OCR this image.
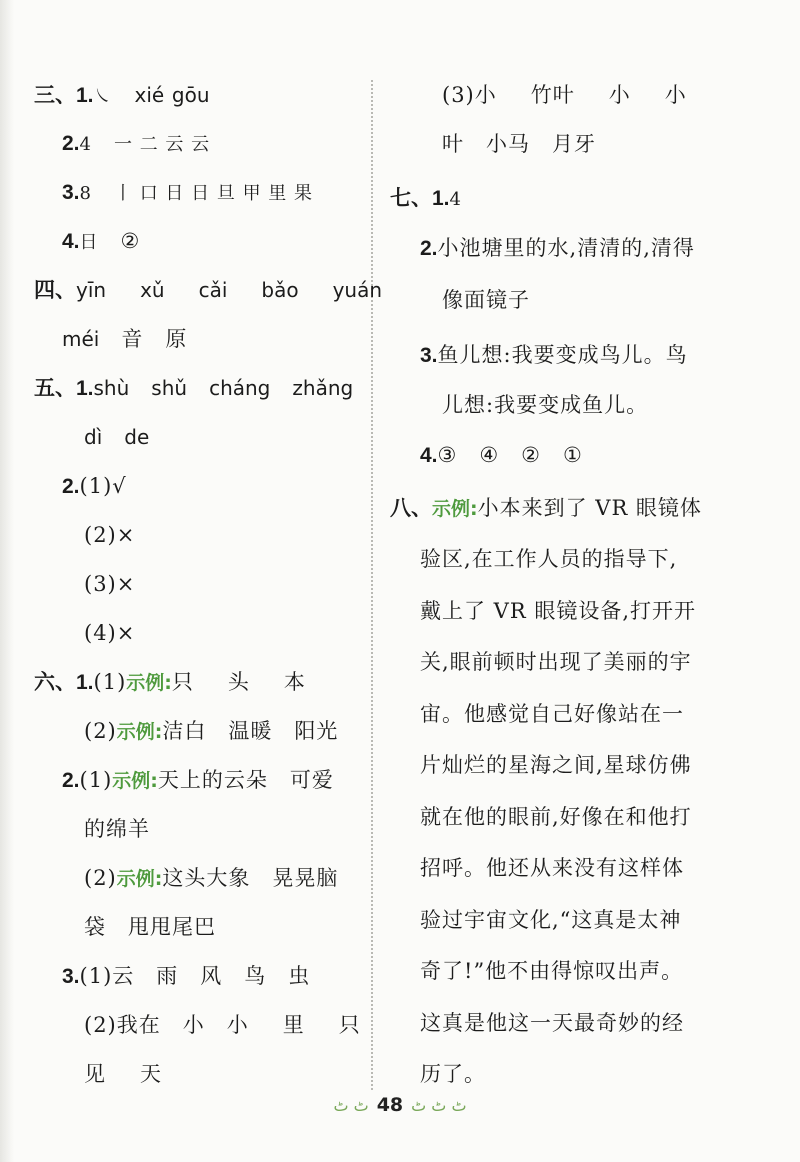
三、1.㇏ xié gōu
2.4 一 二 云 云
3.8 丨 口 日 日 旦 甲 里 果
4.日 ②
四、yīn xǔ cǎi bǎo yuán
méi 音 原
五、1.shù shǔ cháng zhǎng
dì de
2.(1)√
(2)×
(3)×
(4)×
六、1.(1)示例:只 头 本
(2)示例:洁白 温暖 阳光
2.(1)示例:天上的云朵 可爱
的绵羊
(2)示例:这头大象 晃晃脑
袋 甩甩尾巴
3.(1)云 雨 风 鸟 虫
(2)我在 小 小 里 只
见 天
(3)小 竹叶 小 小
叶 小马 月牙
七、1.4
2.小池塘里的水,清清的,清得
像面镜子
3.鱼儿想:我要变成鸟儿。鸟
儿想:我要变成鱼儿。
4.③ ④ ② ①
八、示例:小本来到了 VR 眼镜体
验区,在工作人员的指导下,
戴上了 VR 眼镜设备,打开开
关,眼前顿时出现了美丽的宇
宙。他感觉自己好像站在一
片灿烂的星海之间,星球仿佛
就在他的眼前,好像在和他打
招呼。他还从来没有这样体
验过宇宙文化,“这真是太神
奇了!”他不由得惊叹出声。
这真是他这一天最奇妙的经
历了。
ٹ ٹ ٹ48ٹ ٹ
